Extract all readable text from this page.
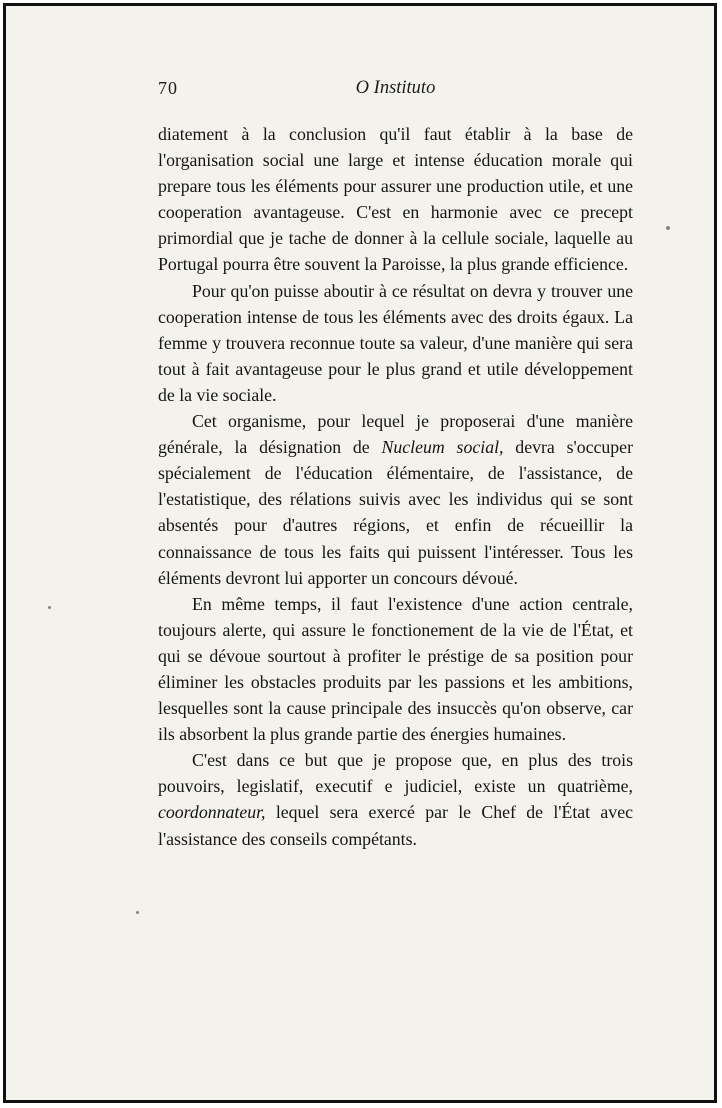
70	O Instituto

diatement à la conclusion qu'il faut établir à la base de l'organisation social une large et intense éducation morale qui prepare tous les éléments pour assurer une production utile, et une cooperation avantageuse. C'est en harmonie avec ce precept primordial que je tache de donner à la cellule sociale, laquelle au Portugal pourra être souvent la Paroisse, la plus grande efficience.

Pour qu'on puisse aboutir à ce résultat on devra y trouver une cooperation intense de tous les éléments avec des droits égaux. La femme y trouvera reconnue toute sa valeur, d'une manière qui sera tout à fait avantageuse pour le plus grand et utile développement de la vie sociale.

Cet organisme, pour lequel je proposerai d'une manière générale, la désignation de Nucleum social, devra s'occuper spécialement de l'éducation élémentaire, de l'assistance, de l'estatistique, des rélations suivis avec les individus qui se sont absentés pour d'autres régions, et enfin de récueillir la connaissance de tous les faits qui puissent l'intéresser. Tous les éléments devront lui apporter un concours dévoué.

En même temps, il faut l'existence d'une action centrale, toujours alerte, qui assure le fonctionement de la vie de l'État, et qui se dévoue sourtout à profiter le préstige de sa position pour éliminer les obstacles produits par les passions et les ambitions, lesquelles sont la cause principale des insuccès qu'on observe, car ils absorbent la plus grande partie des énergies humaines.

C'est dans ce but que je propose que, en plus des trois pouvoirs, legislatif, executif e judiciel, existe un quatrième, coordonnateur, lequel sera exercé par le Chef de l'État avec l'assistance des conseils compétants.
